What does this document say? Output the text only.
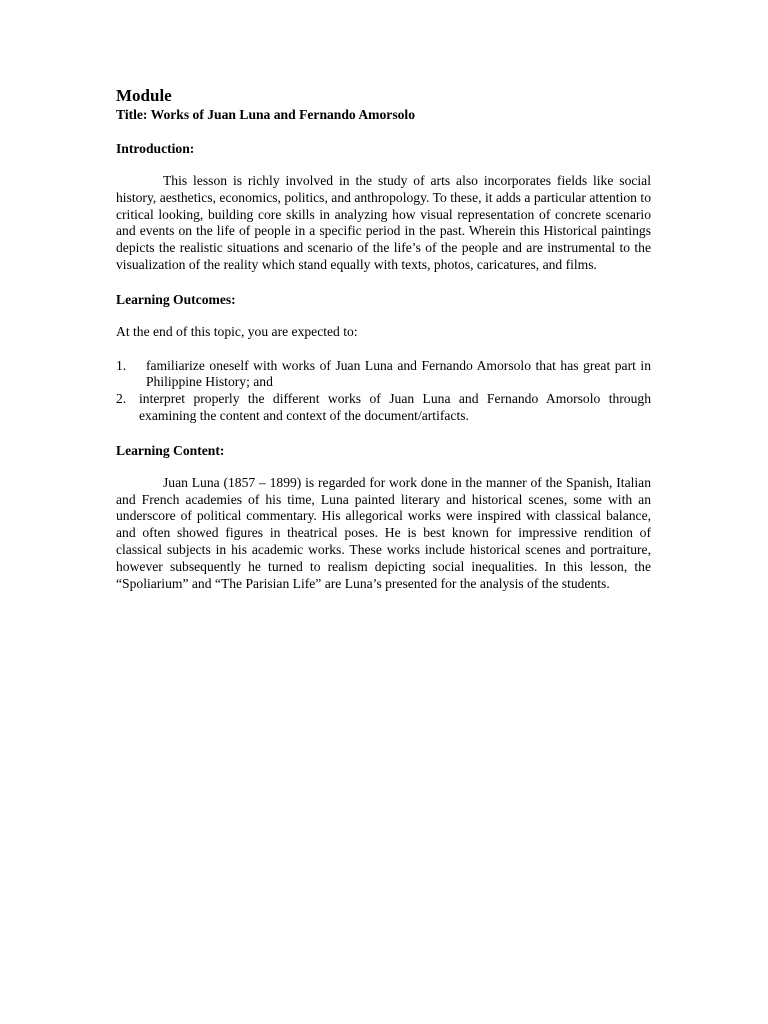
Module

Title: Works of Juan Luna and Fernando Amorsolo

Introduction:

This lesson is richly involved in the study of arts also incorporates fields like social history, aesthetics, economics, politics, and anthropology. To these, it adds a particular attention to critical looking, building core skills in analyzing how visual representation of concrete scenario and events on the life of people in a specific period in the past. Wherein this Historical paintings depicts the realistic situations and scenario of the life’s of the people and are instrumental to the visualization of the reality which stand equally with texts, photos, caricatures, and films.

Learning Outcomes:

At the end of this topic, you are expected to:

1.	familiarize oneself with works of Juan Luna and Fernando Amorsolo that has great part in Philippine History; and
2. interpret properly the different works of Juan Luna and Fernando Amorsolo through examining the content and context of the document/artifacts.

Learning Content:

Juan Luna (1857 – 1899) is regarded for work done in the manner of the Spanish, Italian and French academies of his time, Luna painted literary and historical scenes, some with an underscore of political commentary. His allegorical works were inspired with classical balance, and often showed figures in theatrical poses. He is best known for impressive rendition of classical subjects in his academic works. These works include historical scenes and portraiture, however subsequently he turned to realism depicting social inequalities. In this lesson, the “Spoliarium” and “The Parisian Life” are Luna’s presented for the analysis of the students.
